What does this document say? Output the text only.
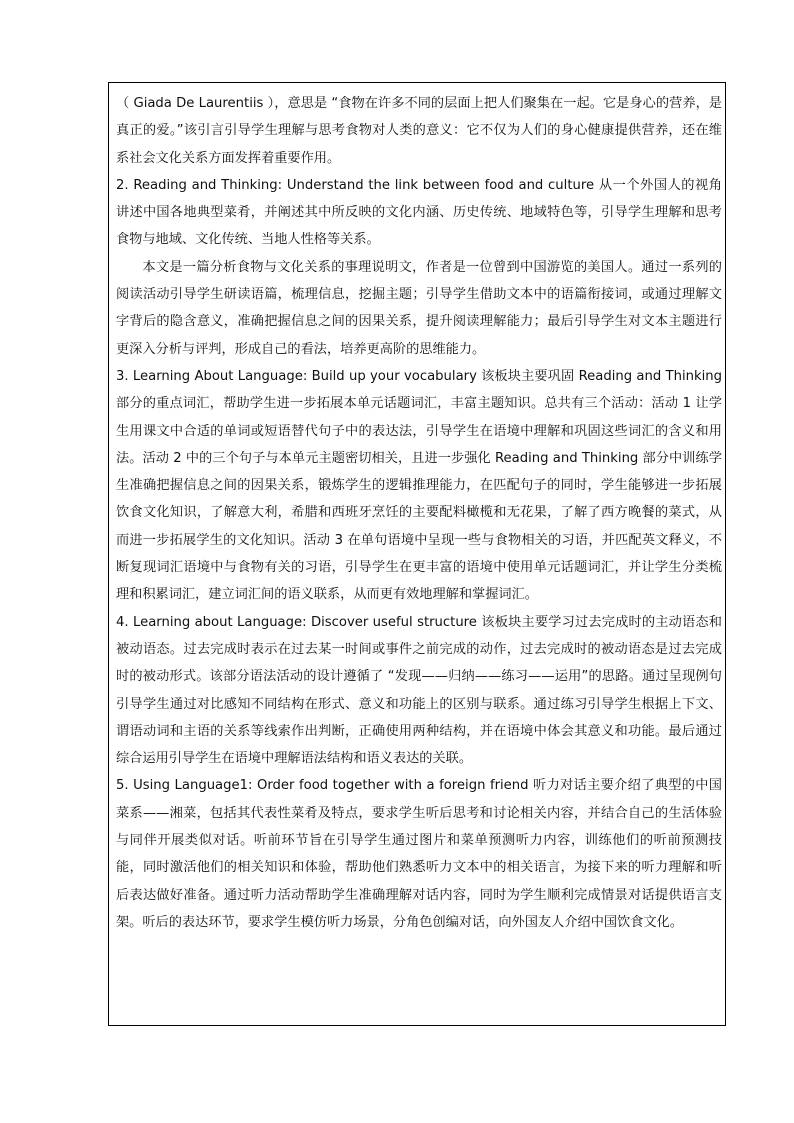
（ Giada De Laurentiis ），意思是 “食物在许多不同的层面上把人们聚集在一起。它是身心的营养，是真正的爱。”该引言引导学生理解与思考食物对人类的意义：它不仅为人们的身心健康提供营养，还在维系社会文化关系方面发挥着重要作用。

2. Reading and Thinking: Understand the link between food and culture 从一个外国人的视角讲述中国各地典型菜肴，并阐述其中所反映的文化内涵、历史传统、地域特色等，引导学生理解和思考食物与地域、文化传统、当地人性格等关系。

本文是一篇分析食物与文化关系的事理说明文，作者是一位曾到中国游览的美国人。通过一系列的阅读活动引导学生研读语篇，梳理信息，挖掘主题；引导学生借助文本中的语篇衔接词，或通过理解文字背后的隐含意义，准确把握信息之间的因果关系，提升阅读理解能力；最后引导学生对文本主题进行更深入分析与评判，形成自己的看法，培养更高阶的思维能力。

3. Learning About Language: Build up your vocabulary 该板块主要巩固 Reading and Thinking 部分的重点词汇，帮助学生进一步拓展本单元话题词汇，丰富主题知识。总共有三个活动：活动 1 让学生用课文中合适的单词或短语替代句子中的表达法，引导学生在语境中理解和巩固这些词汇的含义和用法。活动 2 中的三个句子与本单元主题密切相关，且进一步强化 Reading and Thinking 部分中训练学生准确把握信息之间的因果关系，锻炼学生的逻辑推理能力，在匹配句子的同时，学生能够进一步拓展饮食文化知识，了解意大利，希腊和西班牙烹饪的主要配料橄榄和无花果，了解了西方晚餐的菜式，从而进一步拓展学生的文化知识。活动 3 在单句语境中呈现一些与食物相关的习语，并匹配英文释义，不断复现词汇语境中与食物有关的习语，引导学生在更丰富的语境中使用单元话题词汇，并让学生分类梳理和积累词汇，建立词汇间的语义联系，从而更有效地理解和掌握词汇。

4. Learning about Language: Discover useful structure 该板块主要学习过去完成时的主动语态和被动语态。过去完成时表示在过去某一时间或事件之前完成的动作，过去完成时的被动语态是过去完成时的被动形式。该部分语法活动的设计遵循了 “发现——归纳——练习——运用”的思路。通过呈现例句引导学生通过对比感知不同结构在形式、意义和功能上的区别与联系。通过练习引导学生根据上下文、谓语动词和主语的关系等线索作出判断，正确使用两种结构，并在语境中体会其意义和功能。最后通过综合运用引导学生在语境中理解语法结构和语义表达的关联。

5. Using Language1: Order food together with a foreign friend 听力对话主要介绍了典型的中国菜系——湘菜，包括其代表性菜肴及特点，要求学生听后思考和讨论相关内容，并结合自己的生活体验与同伴开展类似对话。听前环节旨在引导学生通过图片和菜单预测听力内容，训练他们的听前预测技能，同时激活他们的相关知识和体验，帮助他们熟悉听力文本中的相关语言，为接下来的听力理解和听后表达做好准备。通过听力活动帮助学生准确理解对话内容，同时为学生顺利完成情景对话提供语言支架。听后的表达环节，要求学生模仿听力场景，分角色创编对话，向外国友人介绍中国饮食文化。
